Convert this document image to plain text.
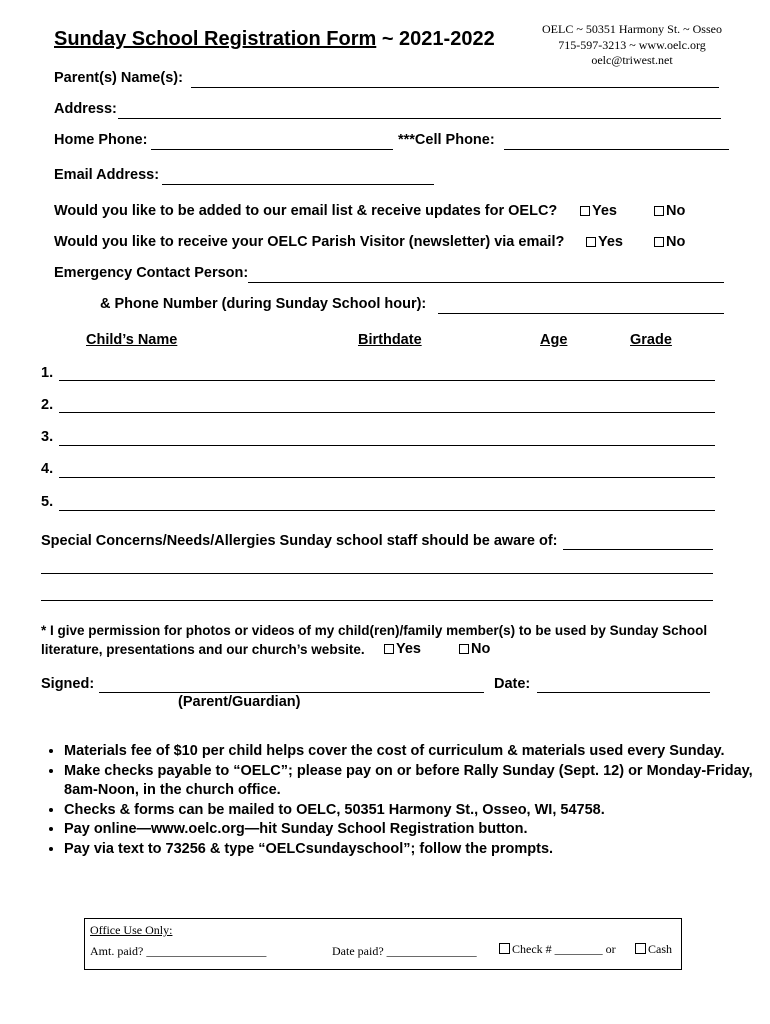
Sunday School Registration Form ~ 2021-2022	OELC ~ 50351 Harmony St. ~ Osseo
715-597-3213 ~ www.oelc.org
oelc@triwest.net
Parent(s) Name(s):
Address:
Home Phone:	***Cell Phone:
Email Address:
Would you like to be added to our email list & receive updates for OELC?	Yes	No
Would you like to receive your OELC Parish Visitor (newsletter) via email?	Yes	No
Emergency Contact Person:
& Phone Number (during Sunday School hour):
Child’s Name	Birthdate	Age	Grade
1.
2.
3.
4.
5.
Special Concerns/Needs/Allergies Sunday school staff should be aware of:
* I give permission for photos or videos of my child(ren)/family member(s) to be used by Sunday School
literature, presentations and our church’s website.	Yes	No
Signed:	Date:
(Parent/Guardian)
• Materials fee of $10 per child helps cover the cost of curriculum & materials used every Sunday.
• Make checks payable to “OELC”; please pay on or before Rally Sunday (Sept. 12) or Monday-Friday, 8am-Noon, in the church office.
• Checks & forms can be mailed to OELC, 50351 Harmony St., Osseo, WI, 54758.
• Pay online—www.oelc.org—hit Sunday School Registration button.
• Pay via text to 73256 & type “OELCsundayschool”; follow the prompts.
Office Use Only:
Amt. paid? ____________________	Date paid? _______________	Check # ________ or	Cash
